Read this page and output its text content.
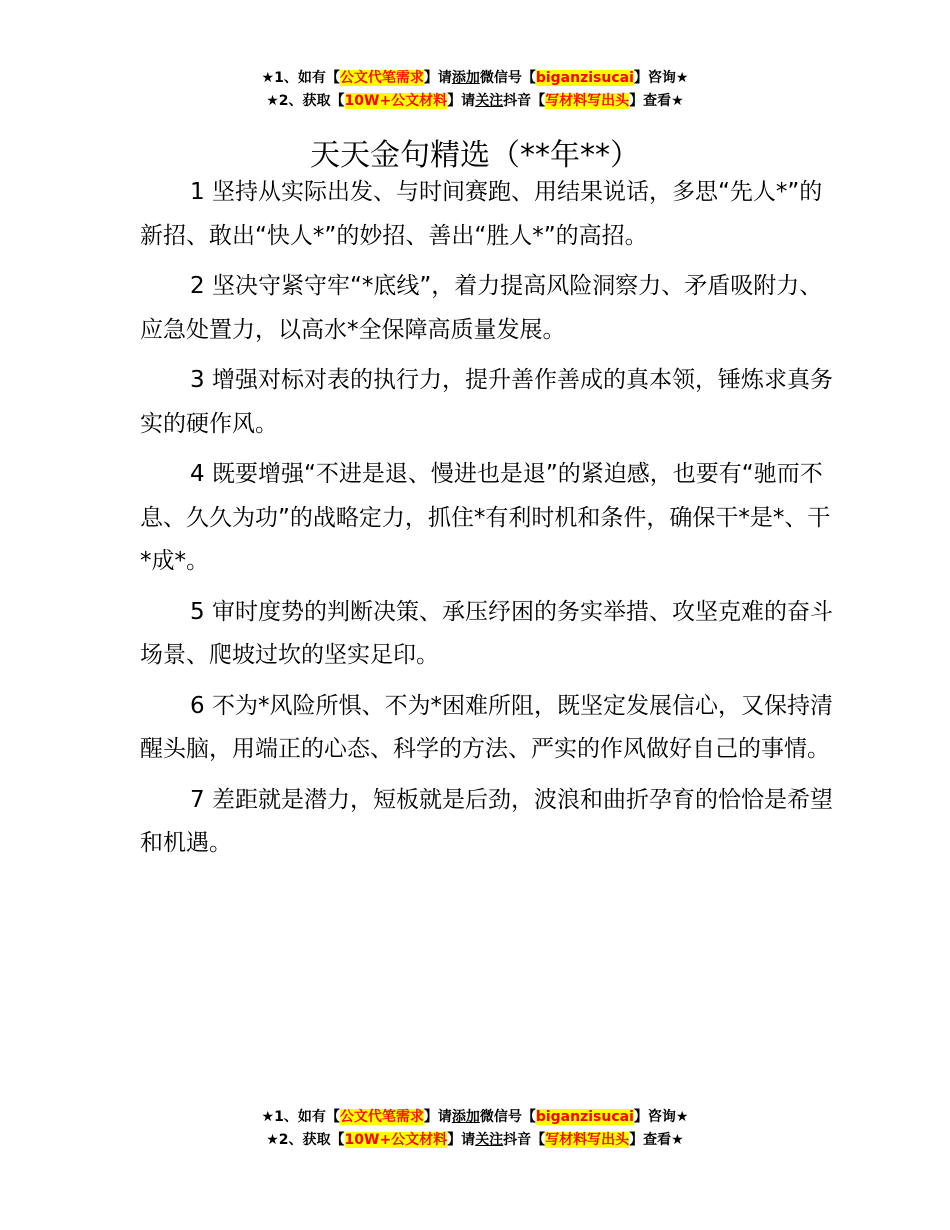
★1、如有【公文代笔需求】请添加微信号【biganzisucai】咨询★
★2、获取【10W+公文材料】请关注抖音【写材料写出头】查看★
天天金句精选（**年**）

1 坚持从实际出发、与时间赛跑、用结果说话，多思“先人*”的新招、敢出“快人*”的妙招、善出“胜人*”的高招。

2 坚决守紧守牢“*底线”，着力提高风险洞察力、矛盾吸附力、应急处置力，以高水*全保障高质量发展。

3 增强对标对表的执行力，提升善作善成的真本领，锤炼求真务实的硬作风。

4 既要增强“不进是退、慢进也是退”的紧迫感，也要有“驰而不息、久久为功”的战略定力，抓住*有利时机和条件，确保干*是*、干*成*。

5 审时度势的判断决策、承压纾困的务实举措、攻坚克难的奋斗场景、爬坡过坎的坚实足印。

6 不为*风险所惧、不为*困难所阻，既坚定发展信心，又保持清醒头脑，用端正的心态、科学的方法、严实的作风做好自己的事情。

7 差距就是潜力，短板就是后劲，波浪和曲折孕育的恰恰是希望和机遇。

★1、如有【公文代笔需求】请添加微信号【biganzisucai】咨询★
★2、获取【10W+公文材料】请关注抖音【写材料写出头】查看★
